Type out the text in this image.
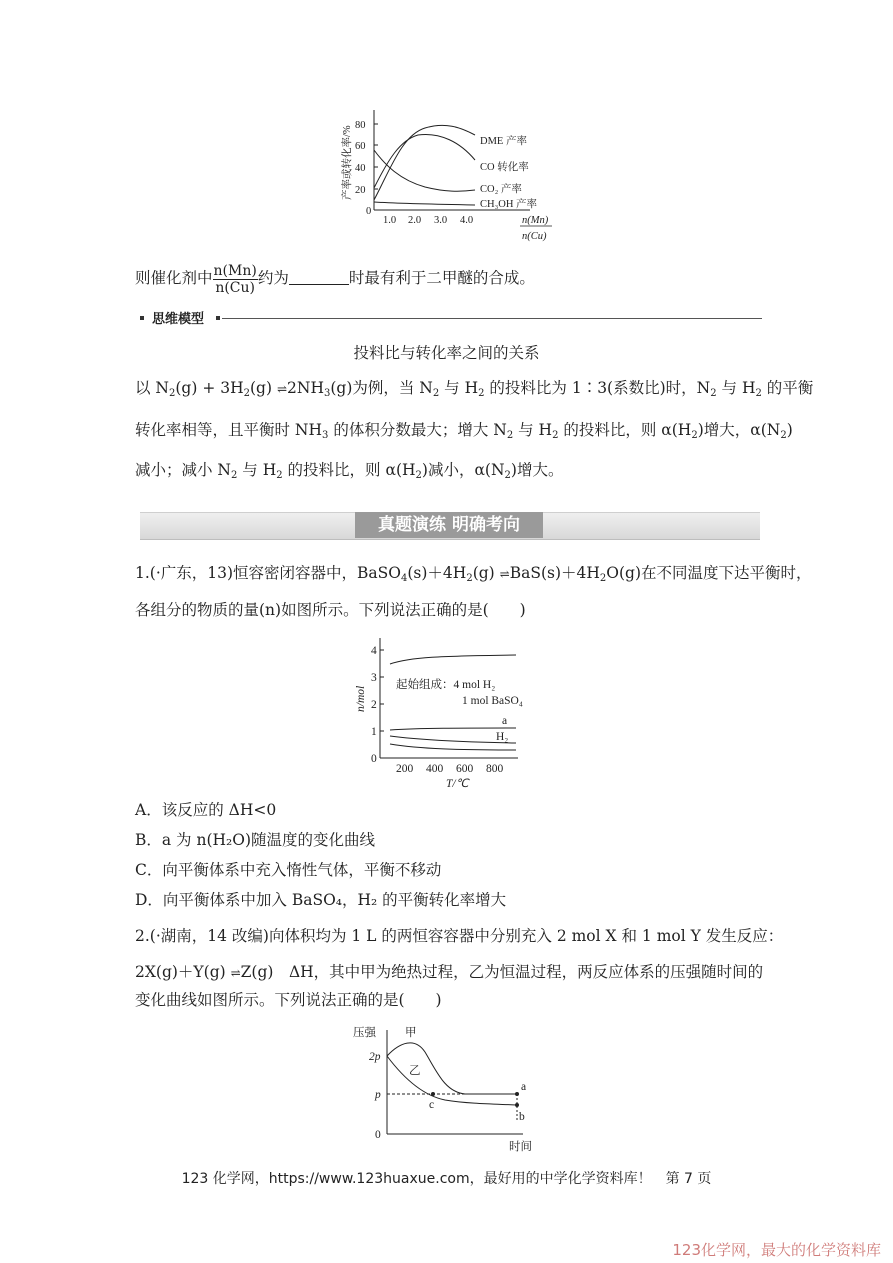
产率或转化率/% 80
60
40
20
0
1.0 2.0 3.0 4.0	n(Mn)
n(Cu)
DME 产率
CO 转化率
CO₂ 产率
CH₃OH 产率
则催化剂中 $\frac{n(Mn)}{n(Cu)}$ 约为	时最有利于二甲醚的合成。
思维模型
投料比与转化率之间的关系
以 $N_2(g) + 3H_2(g)$ $\rightleftharpoons 2NH_3(g)$为例，当 $N_2$ 与 $H_2$ 的投料比为 1∶3(系数比)时，$N_2$ 与 $H_2$ 的平衡
转化率相等，且平衡时 $NH_3$ 的体积分数最大；增大 $N_2$ 与 $H_2$ 的投料比，则 $\alpha(H_2)$增大，$\alpha(N_2)$
减小；减小 $N_2$ 与 $H_2$ 的投料比，则 $\alpha(H_2)$减小，$\alpha(N_2)$增大。
真题演练 明确考向
1.(·广东，13)恒容密闭容器中，$BaSO_4(s)+4H_2(g)$ $\rightleftharpoons BaS(s)+4H_2O(g)$在不同温度下达平衡时，
各组分的物质的量(n)如图所示。下列说法正确的是(　　)
n/mol
4
3
2
1
0
200 400 600 800
T/℃
起始组成：4 mol H₂
1 mol BaSO₄
a
H₂
A．该反应的 ΔH<0
B．a 为 n(H₂O)随温度的变化曲线
C．向平衡体系中充入惰性气体，平衡不移动
D．向平衡体系中加入 BaSO₄，H₂ 的平衡转化率增大
2.(·湖南，14 改编)向体积均为 1 L 的两恒容容器中分别充入 2 mol X 和 1 mol Y 发生反应：
2X(g)＋Y(g) ⇌Z(g)　ΔH，其中甲为绝热过程，乙为恒温过程，两反应体系的压强随时间的
变化曲线如图所示。下列说法正确的是(　　)
压强	甲
2p
p
0
乙
a
b
c
时间
123 化学网，https://www.123huaxue.com，最好用的中学化学资料库！　第 7 页
123化学网，最大的化学资料库
